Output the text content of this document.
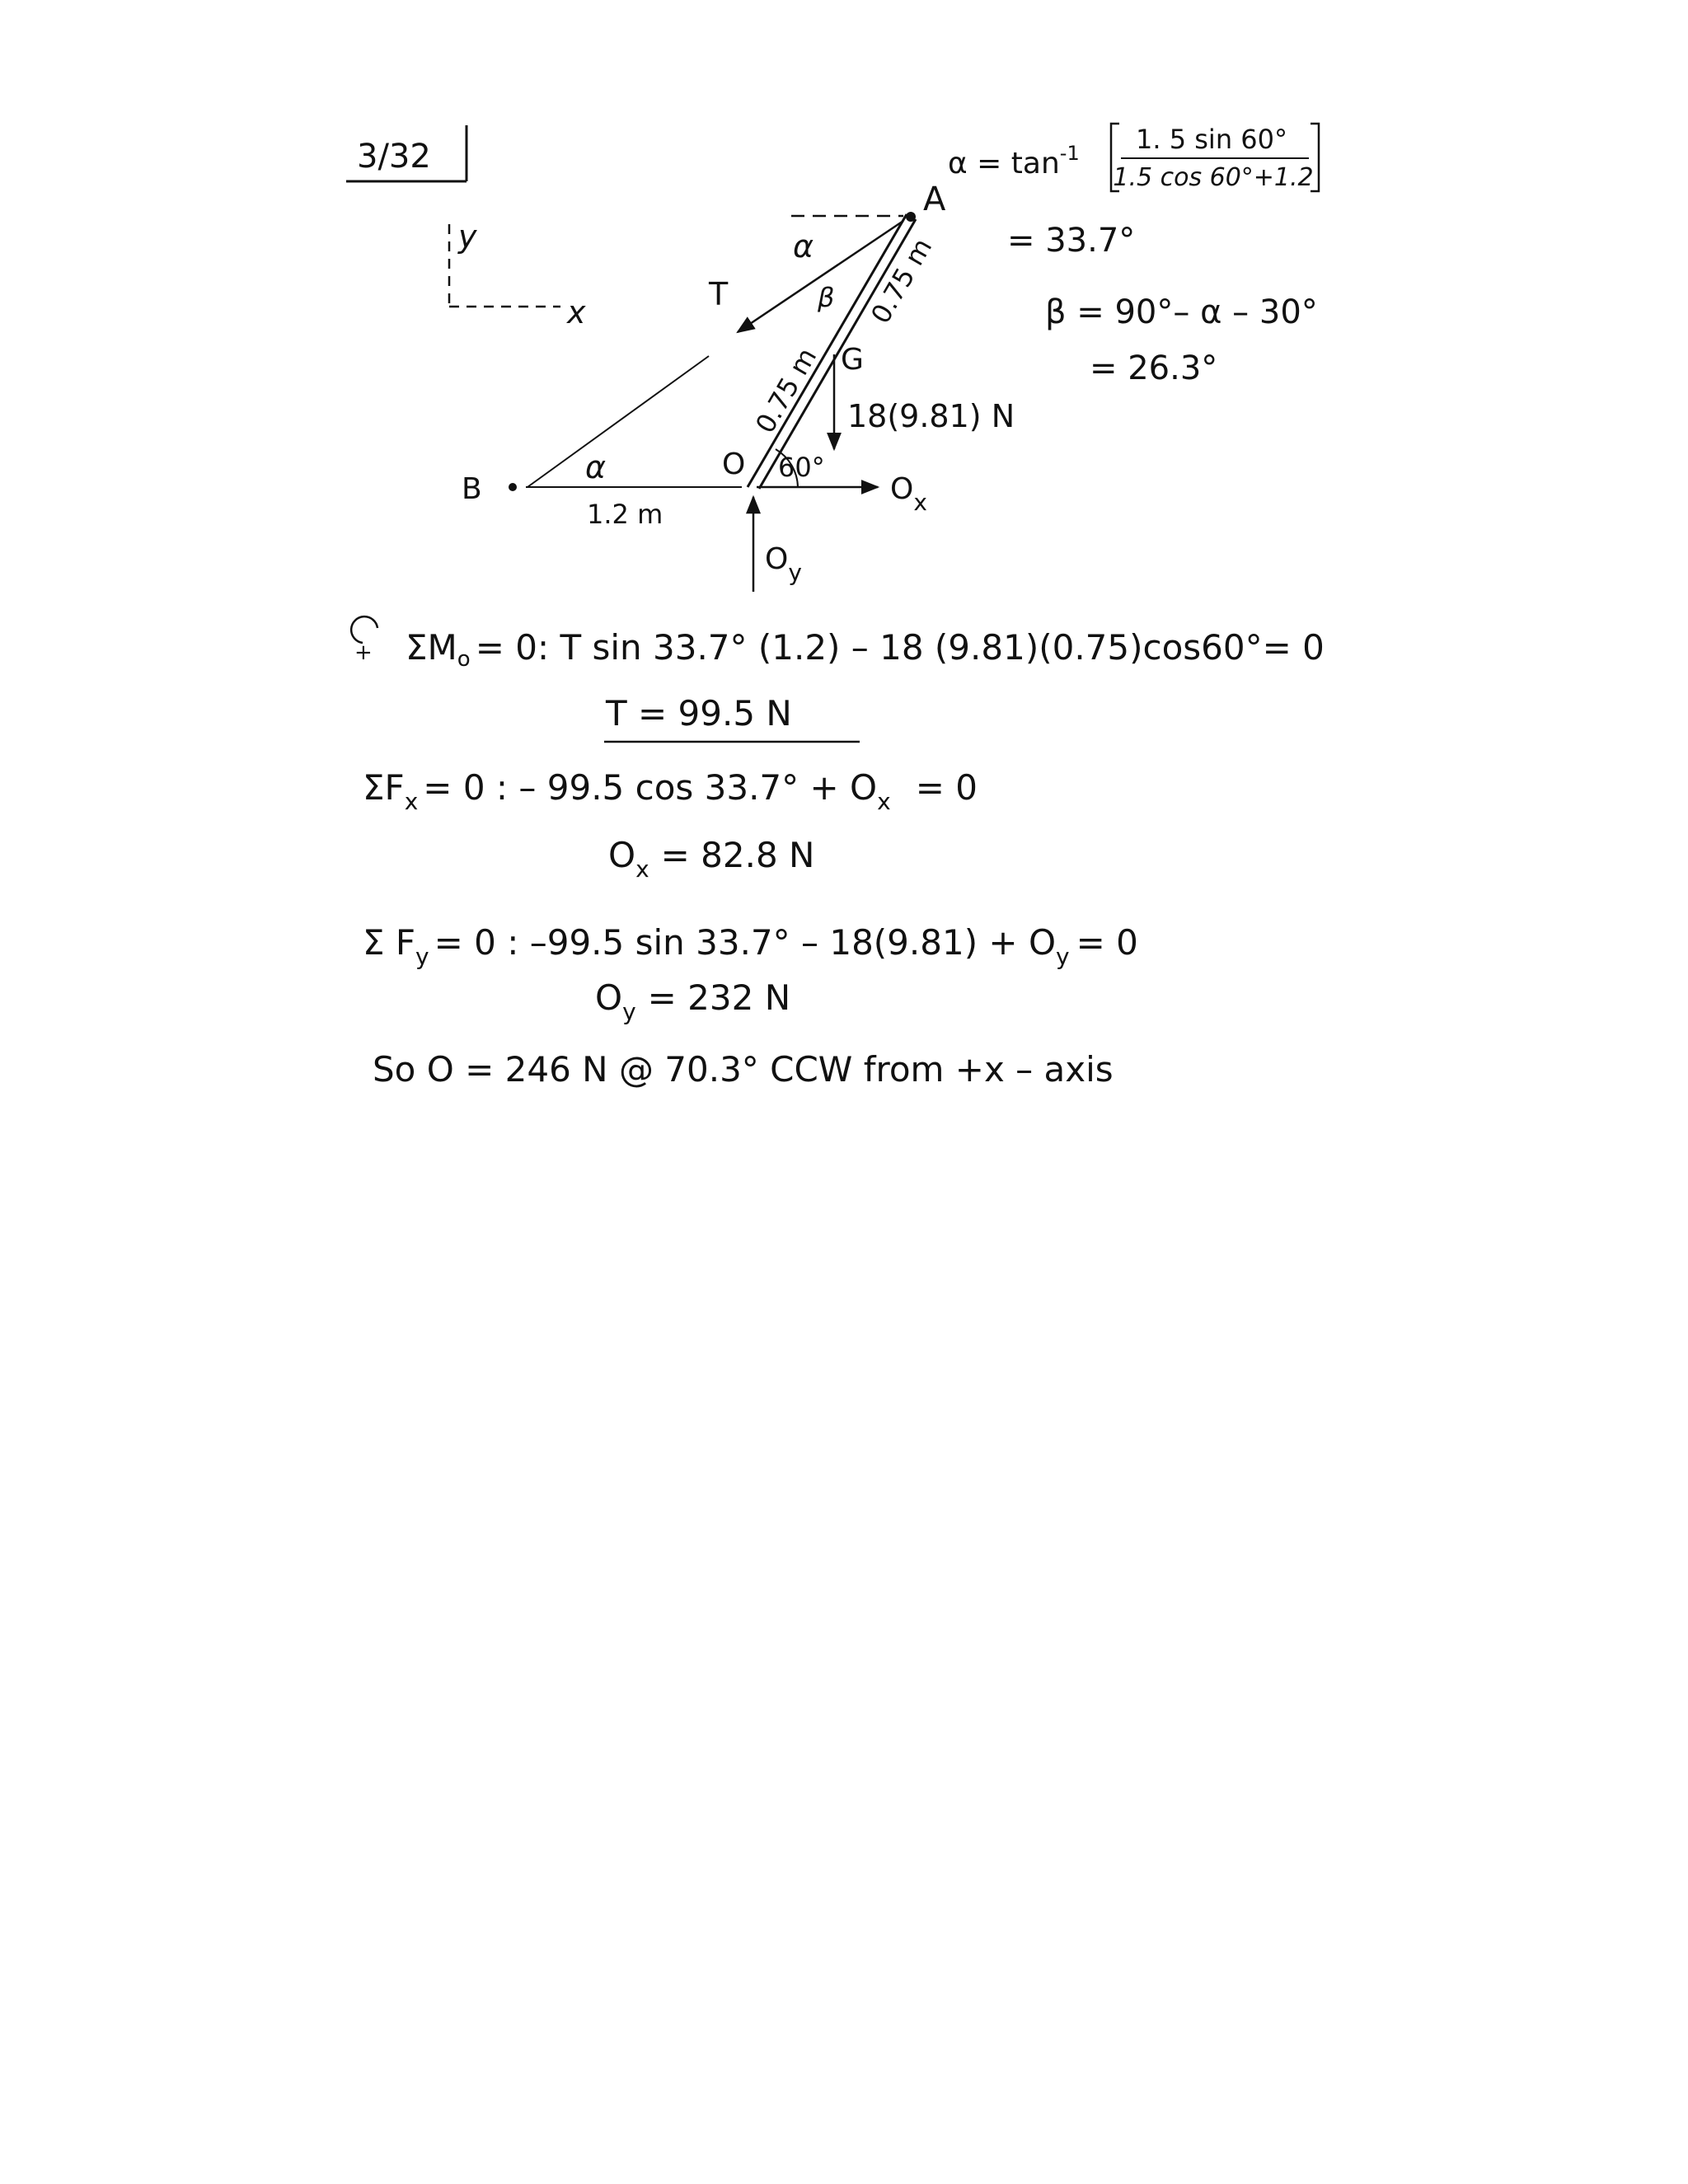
3/32
y
x
A
B
O
G
T
α
α
β 0.75 m
0.75 m
1.2 m
60°
18(9.81) N
$O_x$
$O_y$
$\alpha = \tan^{-1} 1$. 5 sin 60°
1.5 cos 60°+1.2
= 33.7°
β = 90°– α – 30°
= 26.3°
+ ΣMo = 0: T sin 33.7° (1.2) – 18 (9.81)(0.75)cos60°= 0
T = 99.5 N
$\Sigma F_x = 0$ : – 99.5 $\cos 33.7^\circ + O_x = 0$
$O_x = 82.8$ N
Σ $F_y = 0$ : –99.5 $\sin 33.7^\circ - 18(9.81) + O_y = 0$
$O_y = 232$ N
So O = 246 N @ 70.3° CCW from +x – axis
